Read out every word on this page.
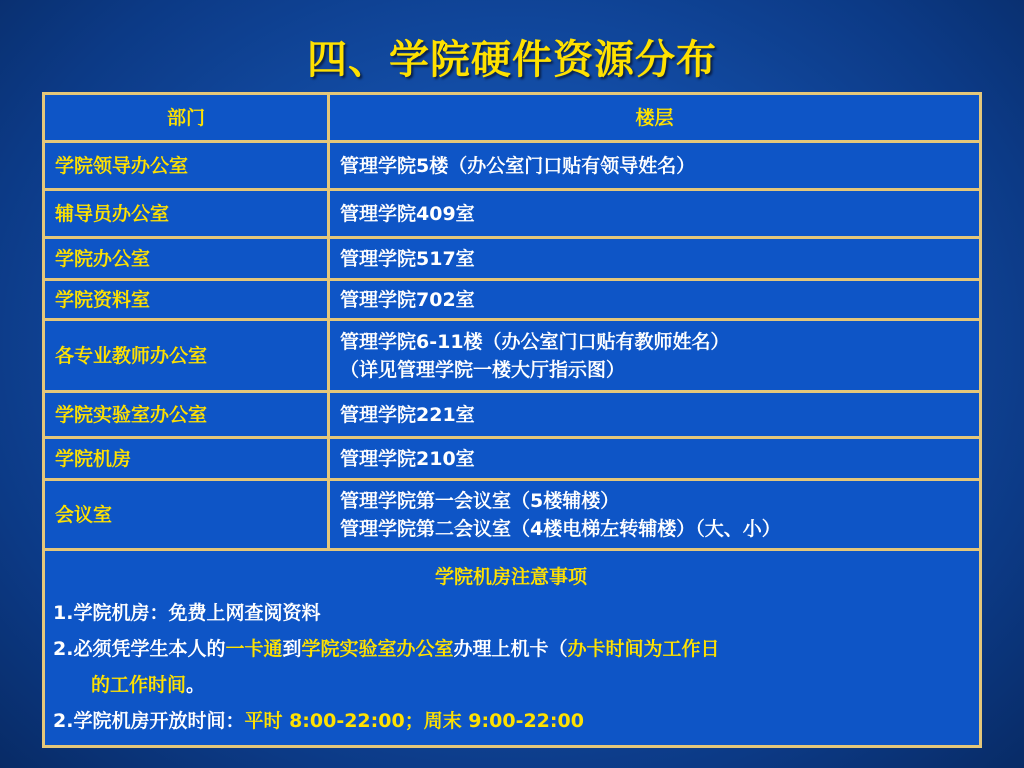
四、学院硬件资源分布
部门	楼层
学院领导办公室	管理学院5楼（办公室门口贴有领导姓名）

辅导员办公室	管理学院409室

学院办公室	管理学院517室

学院资料室	管理学院702室

各专业教师办公室	管理学院6-11楼（办公室门口贴有教师姓名）
（详见管理学院一楼大厅指示图）

学院实验室办公室	管理学院221室

学院机房	管理学院210室

会议室	管理学院第一会议室（5楼辅楼）
管理学院第二会议室（4楼电梯左转辅楼）（大、小）

学院机房注意事项
1.学院机房：免费上网查阅资料
2.必须凭学生本人的一卡通到学院实验室办公室办理上机卡（办卡时间为工作日
的工作时间。
2.学院机房开放时间：平时 8:00-22:00；周末 9:00-22:00	
